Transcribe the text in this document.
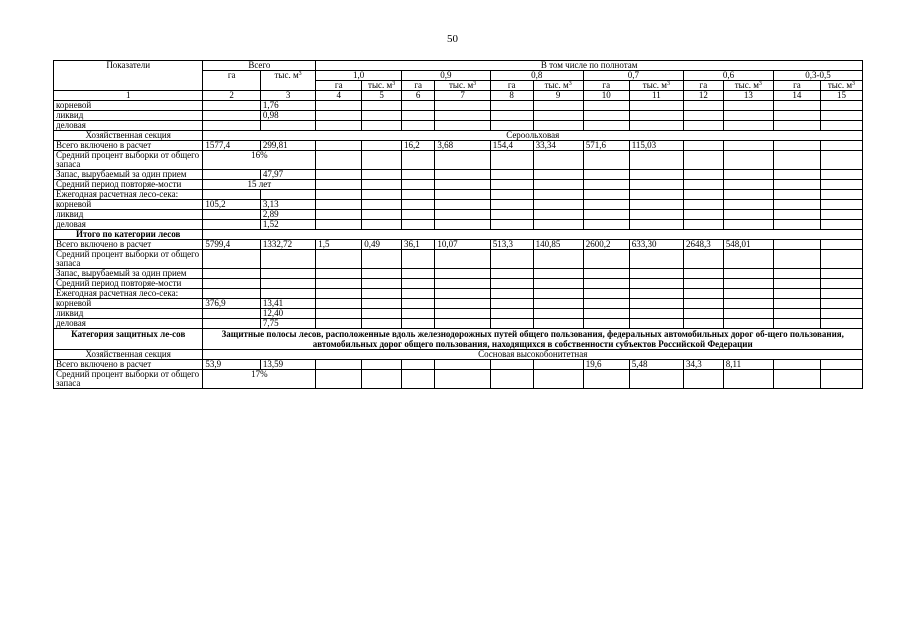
50
Показатели	Всего		В том числе по полнотам											
	га	тыс. $м^3$	1,0		0,9		0,8		0,7		0,6		0,3-0,5	
			га	тыс. $м^3$	га	тыс. $м^3$	га	тыс. $м^3$	га	тыс. $м^3$	га	тыс. $м^3$	га	тыс. $м^3$
1	2	3	4	5	6	7	8	9	10	11	12	13	14	15
корневой		1,76												
ликвид		0,98												
деловая														
Хозяйственная секция	Сероольховая													
Всего включено в расчет	1577,4	299,81			16,2	3,68	154,4	33,34	571,6	115,03				
Средний процент выборки от общего запаса	16%													
Запас, вырубаемый за один прием		47,97												
Средний период повторяе-мости	15 лет													
Ежегодная расчетная лесо-сека:														
корневой	105,2	3,13												
ликвид		2,89												
деловая		1,52												
Итого по категории лесов														
Всего включено в расчет	5799,4	1332,72	1,5	0,49	36,1	10,07	513,3	140,85	2600,2	633,30	2648,3	548,01		
Средний процент выборки от общего запаса														
Запас, вырубаемый за один прием														
Средний период повторяе-мости														
Ежегодная расчетная лесо-сека:														
корневой	376,9	13,41												
ликвид		12,40												
деловая		7,75												
Категория защитных ле-сов	Защитные полосы лесов, расположенные вдоль железнодорожных путей общего пользования, федеральных автомобильных дорог об-щего пользования, автомобильных дорог общего пользования, находящихся в собственности субъектов Российской Федерации													
Хозяйственная секция	Сосновая высокобонитетная													
Всего включено в расчет	53,9	13,59							19,6	5,48	34,3	8,11		
Средний процент выборки от общего запаса	17%													
